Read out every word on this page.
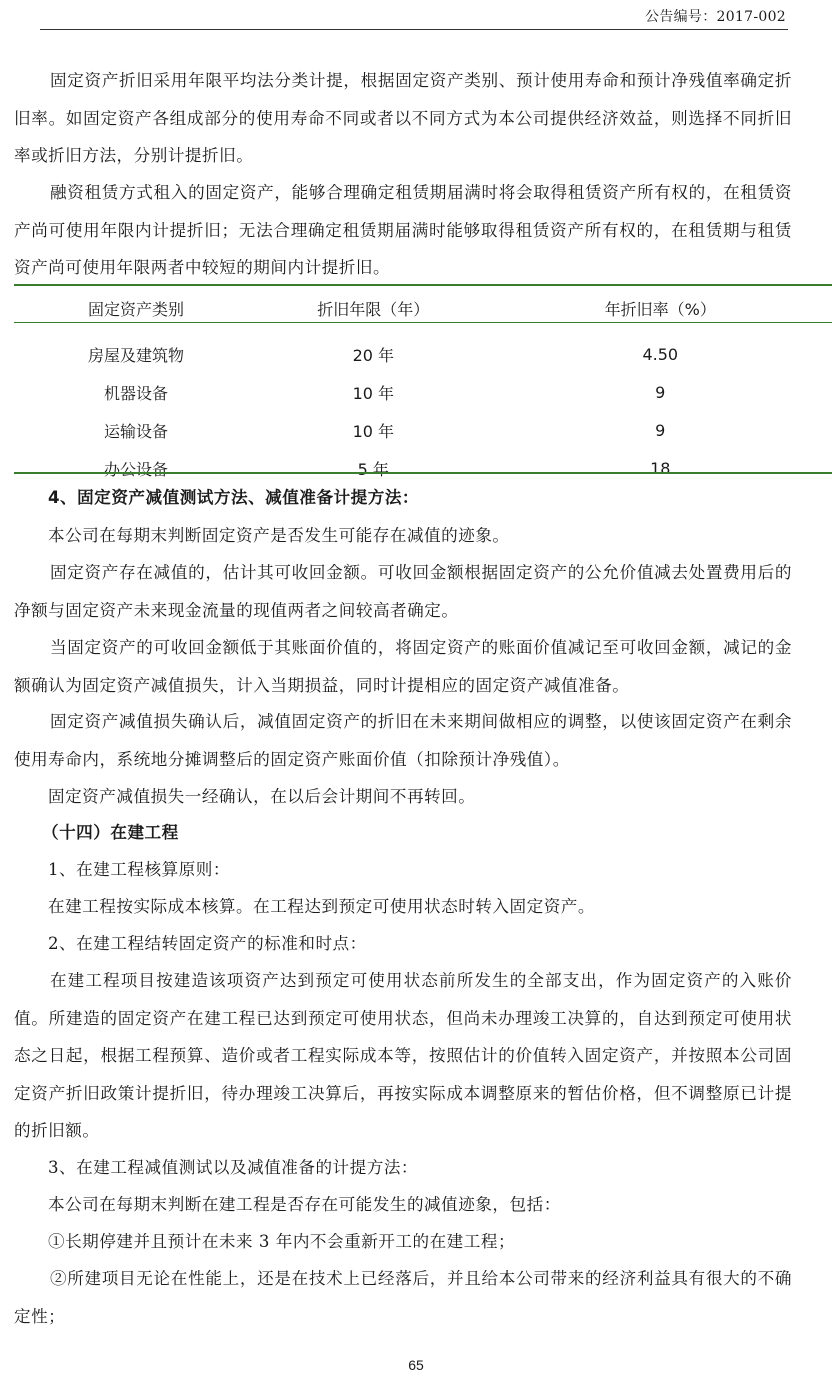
公告编号：2017-002

固定资产折旧采用年限平均法分类计提，根据固定资产类别、预计使用寿命和预计净残值率确定折旧率。如固定资产各组成部分的使用寿命不同或者以不同方式为本公司提供经济效益，则选择不同折旧率或折旧方法，分别计提折旧。

融资租赁方式租入的固定资产，能够合理确定租赁期届满时将会取得租赁资产所有权的，在租赁资产尚可使用年限内计提折旧；无法合理确定租赁期届满时能够取得租赁资产所有权的，在租赁期与租赁资产尚可使用年限两者中较短的期间内计提折旧。

固定资产类别	折旧年限（年）	年折旧率（%）

房屋及建筑物	20 年	4.50
机器设备	10 年	9
运输设备	10 年	9
办公设备	5 年	18
4、固定资产减值测试方法、减值准备计提方法：
本公司在每期末判断固定资产是否发生可能存在减值的迹象。

固定资产存在减值的，估计其可收回金额。可收回金额根据固定资产的公允价值减去处置费用后的净额与固定资产未来现金流量的现值两者之间较高者确定。

当固定资产的可收回金额低于其账面价值的，将固定资产的账面价值减记至可收回金额，减记的金额确认为固定资产减值损失，计入当期损益，同时计提相应的固定资产减值准备。

固定资产减值损失确认后，减值固定资产的折旧在未来期间做相应的调整，以使该固定资产在剩余使用寿命内，系统地分摊调整后的固定资产账面价值（扣除预计净残值）。

固定资产减值损失一经确认，在以后会计期间不再转回。
（十四）在建工程
1、在建工程核算原则：
在建工程按实际成本核算。在工程达到预定可使用状态时转入固定资产。
2、在建工程结转固定资产的标准和时点：

在建工程项目按建造该项资产达到预定可使用状态前所发生的全部支出，作为固定资产的入账价值。所建造的固定资产在建工程已达到预定可使用状态，但尚未办理竣工决算的，自达到预定可使用状态之日起，根据工程预算、造价或者工程实际成本等，按照估计的价值转入固定资产，并按照本公司固定资产折旧政策计提折旧，待办理竣工决算后，再按实际成本调整原来的暂估价格，但不调整原已计提的折旧额。

3、在建工程减值测试以及减值准备的计提方法：
本公司在每期末判断在建工程是否存在可能发生的减值迹象，包括：
①长期停建并且预计在未来 3 年内不会重新开工的在建工程；

②所建项目无论在性能上，还是在技术上已经落后，并且给本公司带来的经济利益具有很大的不确定性；

65
